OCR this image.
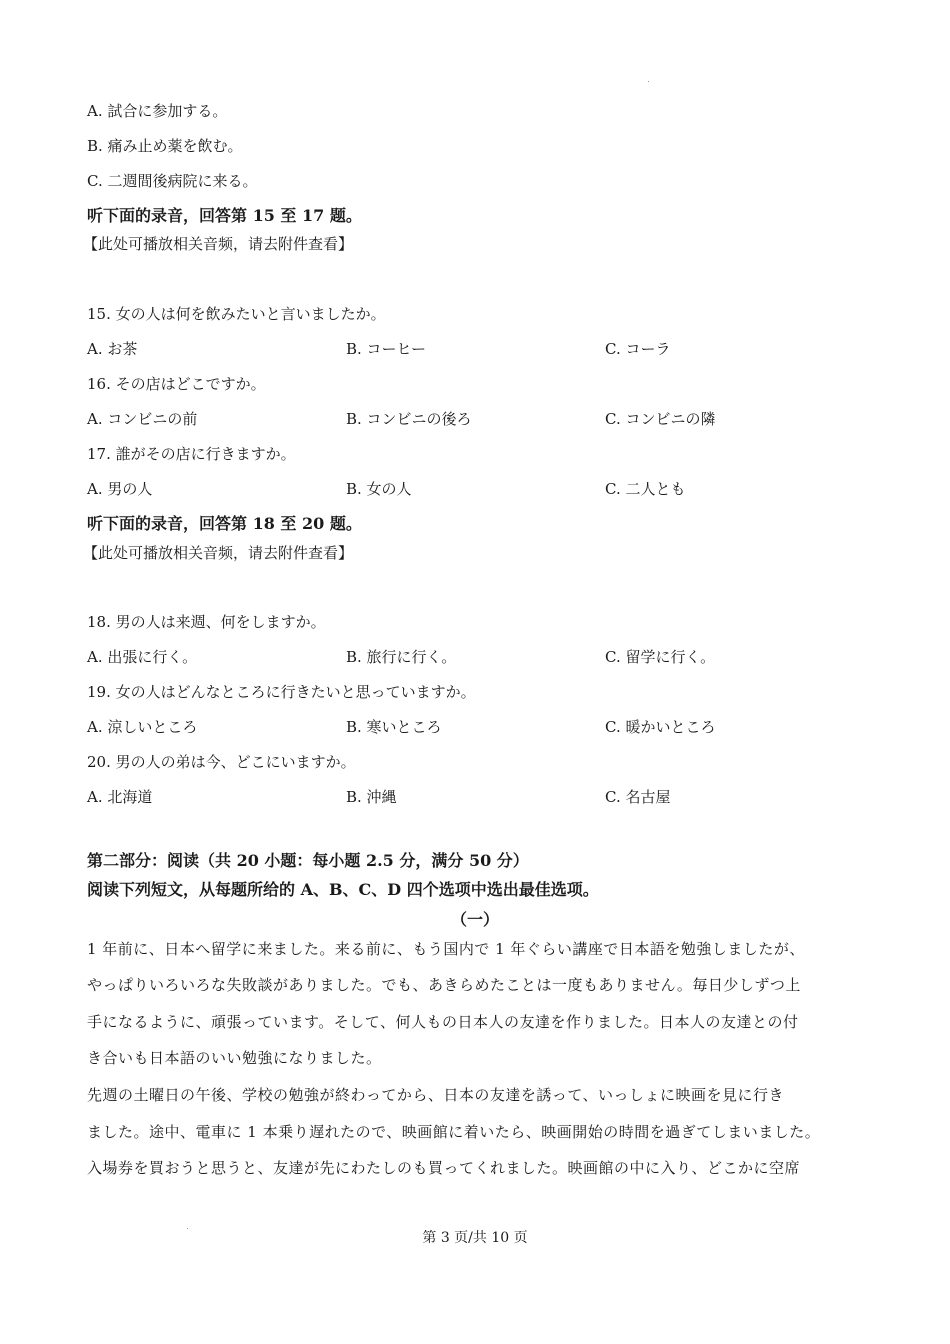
A. 試合に参加する。
B. 痛み止め薬を飲む。
C. 二週間後病院に来る。
听下面的录音，回答第 15 至 17 题。
【此处可播放相关音频，请去附件查看】
15. 女の人は何を飲みたいと言いましたか。
A. お茶	B. コーヒー	C. コーラ
16. その店はどこですか。
A. コンビニの前	B. コンビニの後ろ	C. コンビニの隣
17. 誰がその店に行きますか。
A. 男の人	B. 女の人	C. 二人とも
听下面的录音，回答第 18 至 20 题。
【此处可播放相关音频，请去附件查看】
18. 男の人は来週、何をしますか。
A. 出張に行く。	B. 旅行に行く。	C. 留学に行く。
19. 女の人はどんなところに行きたいと思っていますか。
A. 涼しいところ	B. 寒いところ	C. 暖かいところ
20. 男の人の弟は今、どこにいますか。
A. 北海道	B. 沖縄	C. 名古屋
第二部分：阅读（共 20 小题：每小题 2.5 分，满分 50 分）
阅读下列短文，从每题所给的 A、B、C、D 四个选项中选出最佳选项。
（一）
1 年前に、日本へ留学に来ました。来る前に、もう国内で 1 年ぐらい講座で日本語を勉強しましたが、
やっぱりいろいろな失敗談がありました。でも、あきらめたことは一度もありません。毎日少しずつ上
手になるように、頑張っています。そして、何人もの日本人の友達を作りました。日本人の友達との付
き合いも日本語のいい勉強になりました。
先週の土曜日の午後、学校の勉強が終わってから、日本の友達を誘って、いっしょに映画を見に行き
ました。途中、電車に 1 本乗り遅れたので、映画館に着いたら、映画開始の時間を過ぎてしまいました。
入場券を買おうと思うと、友達が先にわたしのも買ってくれました。映画館の中に入り、どこかに空席
第 3 页/共 10 页
